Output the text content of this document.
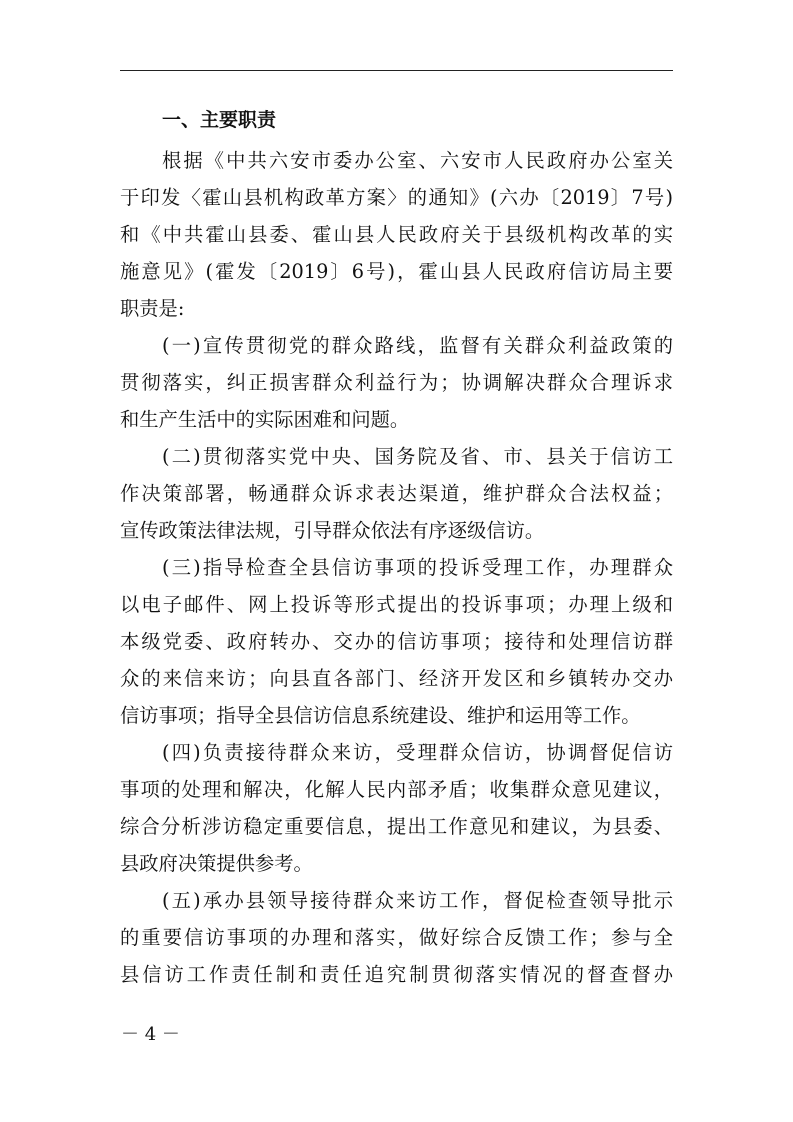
一、主要职责
根据《中共六安市委办公室、六安市人民政府办公室关
于印发〈霍山县机构政革方案〉的通知》(六办〔2019〕7号)
和《中共霍山县委、霍山县人民政府关于县级机构改革的实
施意见》(霍发〔2019〕6号)，霍山县人民政府信访局主要
职责是:
(一)宣传贯彻党的群众路线，监督有关群众利益政策的
贯彻落实，纠正损害群众利益行为；协调解决群众合理诉求
和生产生活中的实际困难和问题。
(二)贯彻落实党中央、国务院及省、市、县关于信访工
作决策部署，畅通群众诉求表达渠道，维护群众合法权益；
宣传政策法律法规，引导群众依法有序逐级信访。
(三)指导检查全县信访事项的投诉受理工作，办理群众
以电子邮件、网上投诉等形式提出的投诉事项；办理上级和
本级党委、政府转办、交办的信访事项；接待和处理信访群
众的来信来访；向县直各部门、经济开发区和乡镇转办交办
信访事项；指导全县信访信息系统建设、维护和运用等工作。
(四)负责接待群众来访，受理群众信访，协调督促信访
事项的处理和解决，化解人民内部矛盾；收集群众意见建议，
综合分析涉访稳定重要信息，提出工作意见和建议，为县委、
县政府决策提供参考。
(五)承办县领导接待群众来访工作，督促检查领导批示
的重要信访事项的办理和落实，做好综合反馈工作；参与全
县信访工作责任制和责任追究制贯彻落实情况的督查督办
－ 4 －
